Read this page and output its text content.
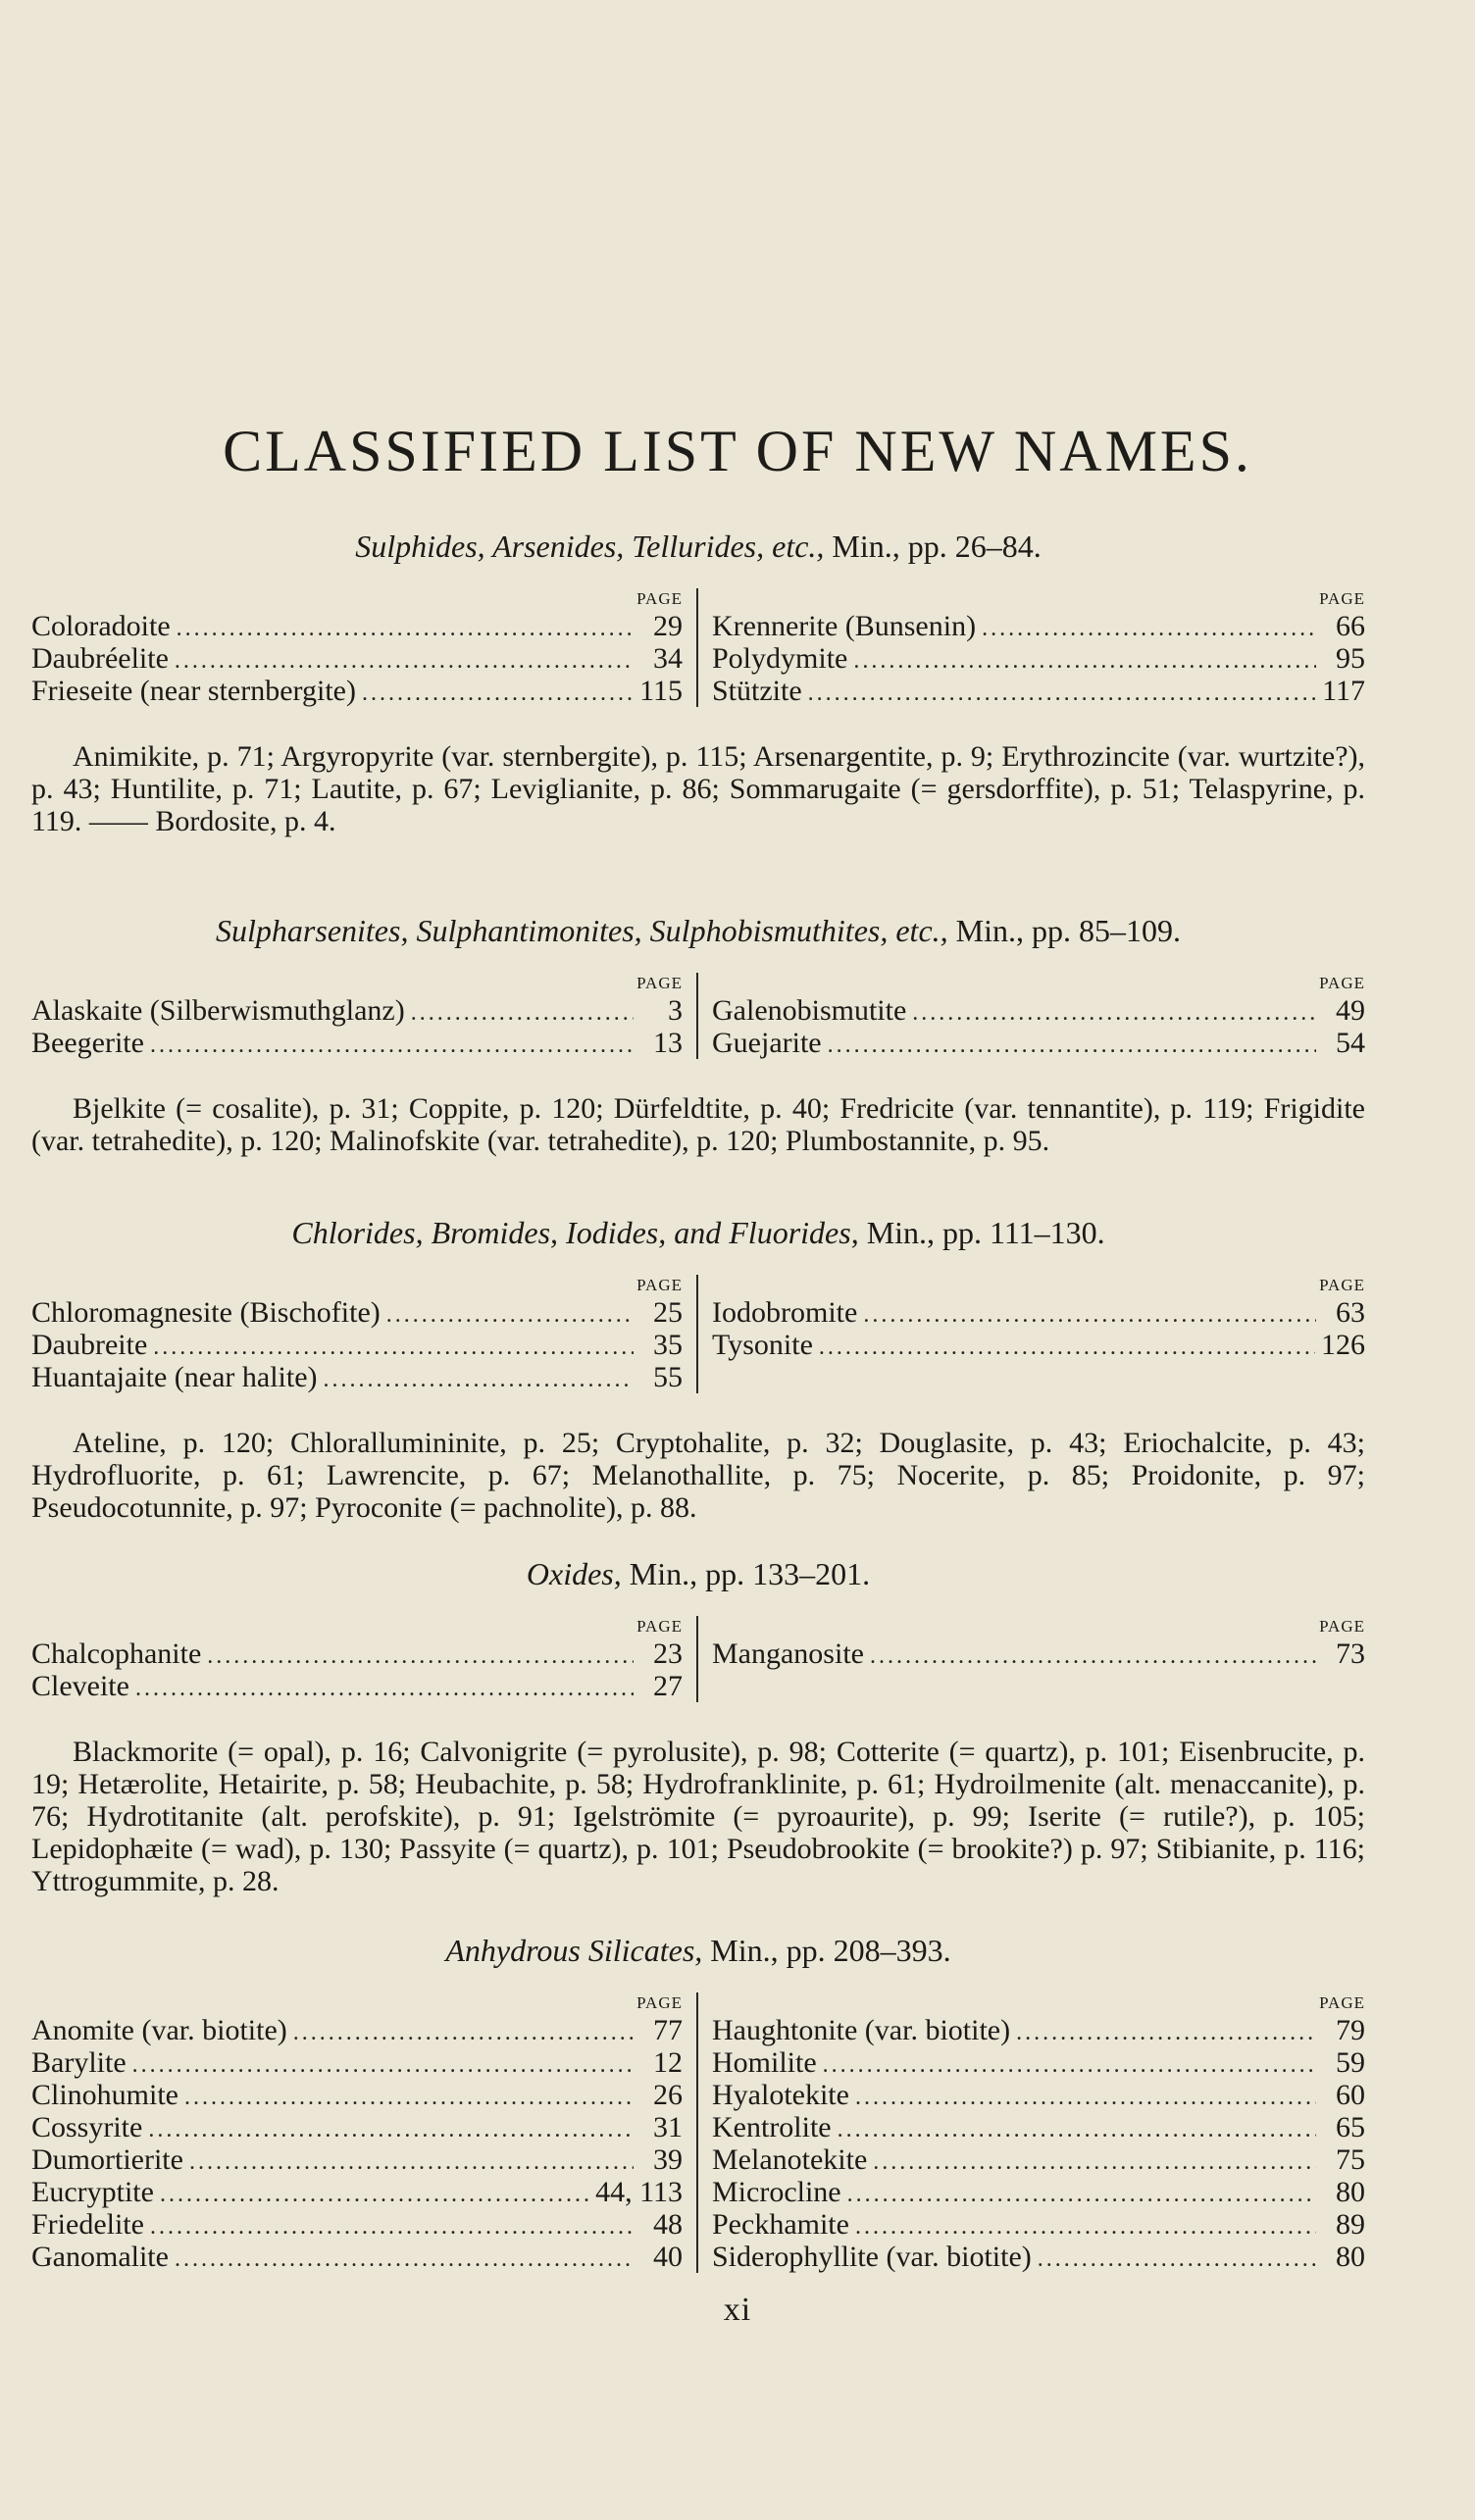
CLASSIFIED LIST OF NEW NAMES.
Sulphides, Arsenides, Tellurides, etc., Min., pp. 26–84.
PAGE
Coloradoite .....	29
Daubréelite .....	34
Frieseite (near sternbergite) .....	115
PAGE
Krennerite (Bunsenin) .....	66
Polydymite .....	95
Stützite .....	117

Animikite, p. 71; Argyropyrite (var. sternbergite), p. 115; Arsenargentite, p. 9; Erythrozincite (var. wurtzite?), p. 43; Huntilite, p. 71; Lautite, p. 67; Leviglianite, p. 86; Sommarugaite (= gersdorffite), p. 51; Telaspyrine, p. 119. —— Bordosite, p. 4.

Sulpharsenites, Sulphantimonites, Sulphobismuthites, etc., Min., pp. 85–109.
PAGE
Alaskaite (Silberwismuthglanz) .....	3
Beegerite .....	13
PAGE
Galenobismutite .....	49
Guejarite .....	54

Bjelkite (= cosalite), p. 31; Coppite, p. 120; Dürfeldtite, p. 40; Fredricite (var. tennantite), p. 119; Frigidite (var. tetrahedite), p. 120; Malinofskite (var. tetrahedite), p. 120; Plumbostannite, p. 95.

Chlorides, Bromides, Iodides, and Fluorides, Min., pp. 111–130.
PAGE
Chloromagnesite (Bischofite) .....	25
Daubreite .....	35
Huantajaite (near halite) .....	55
PAGE
Iodobromite .....	63
Tysonite .....	126

Ateline, p. 120; Chlorallumininite, p. 25; Cryptohalite, p. 32; Douglasite, p. 43; Eriochalcite, p. 43; Hydrofluorite, p. 61; Lawrencite, p. 67; Melanothallite, p. 75; Nocerite, p. 85; Proidonite, p. 97; Pseudocotunnite, p. 97; Pyroconite (= pachnolite), p. 88.

Oxides, Min., pp. 133–201.
PAGE
Chalcophanite .....	23
Cleveite .....	27
PAGE
Manganosite .....	73

Blackmorite (= opal), p. 16; Calvonigrite (= pyrolusite), p. 98; Cotterite (= quartz), p. 101; Eisenbrucite, p. 19; Hetærolite, Hetairite, p. 58; Heubachite, p. 58; Hydrofranklinite, p. 61; Hydroilmenite (alt. menaccanite), p. 76; Hydrotitanite (alt. perofskite), p. 91; Igelströmite (= pyroaurite), p. 99; Iserite (= rutile?), p. 105; Lepidophæite (= wad), p. 130; Passyite (= quartz), p. 101; Pseudobrookite (= brookite?) p. 97; Stibianite, p. 116; Yttrogummite, p. 28.

Anhydrous Silicates, Min., pp. 208–393.
PAGE
Anomite (var. biotite) .....	77
Barylite .....	12
Clinohumite .....	26
Cossyrite .....	31
Dumortierite .....	39
Eucryptite .....	44, 113
Friedelite .....	48
Ganomalite .....	40
PAGE
Haughtonite (var. biotite) .....	79
Homilite .....	59
Hyalotekite .....	60
Kentrolite .....	65
Melanotekite .....	75
Microcline .....	80
Peckhamite .....	89
Siderophyllite (var. biotite) .....	80
xi
